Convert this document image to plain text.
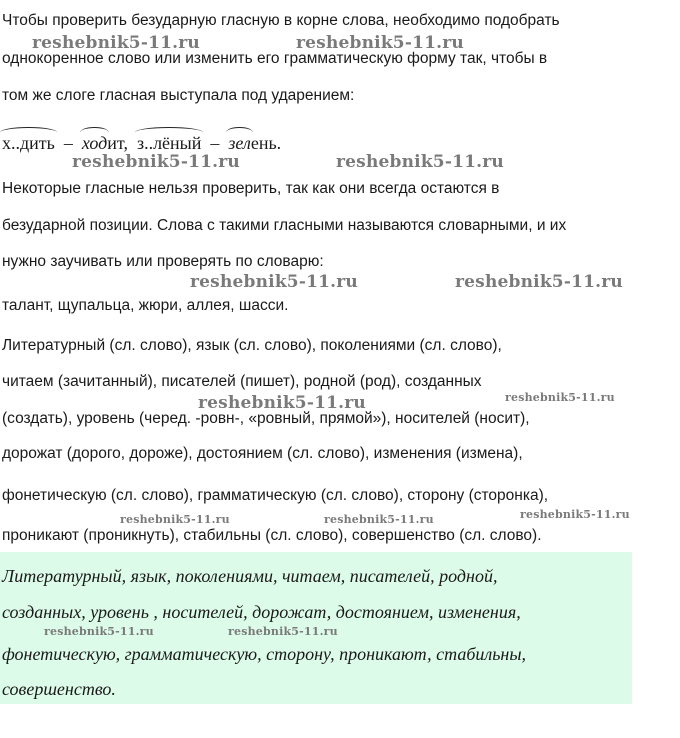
Чтобы проверить безударную гласную в корне слова, необходимо подобрать
однокоренное слово или изменить его грамматическую форму так, чтобы в
том же слоге гласная выступала под ударением:
х..дить – ходит, з..лёный – зелень.
Некоторые гласные нельзя проверить, так как они всегда остаются в
безударной позиции. Слова с такими гласными называются словарными, и их
нужно заучивать или проверять по словарю:
талант, щупальца, жюри, аллея, шасси.
Литературный (сл. слово), язык (сл. слово), поколениями (сл. слово),
читаем (зачитанный), писателей (пишет), родной (род), созданных
(создать), уровень (черед. -ровн-, «ровный, прямой»), носителей (носит),
дорожат (дорого, дороже), достоянием (сл. слово), изменения (измена),
фонетическую (сл. слово), грамматическую (сл. слово), сторону (сторонка),
проникают (проникнуть), стабильны (сл. слово), совершенство (сл. слово).
Литературный, язык, поколениями, читаем, писателей, родной,
созданных, уровень , носителей, дорожат, достоянием, изменения,
фонетическую, грамматическую, сторону, проникают, стабильны,
совершенство.
reshebnik5-11.ru	reshebnik5-11.ru
reshebnik5-11.ru	reshebnik5-11.ru
reshebnik5-11.ru	reshebnik5-11.ru
reshebnik5-11.ru	reshebnik5-11.ru
reshebnik5-11.ru	reshebnik5-11.ru	reshebnik5-11.ru
reshebnik5-11.ru	reshebnik5-11.ru
